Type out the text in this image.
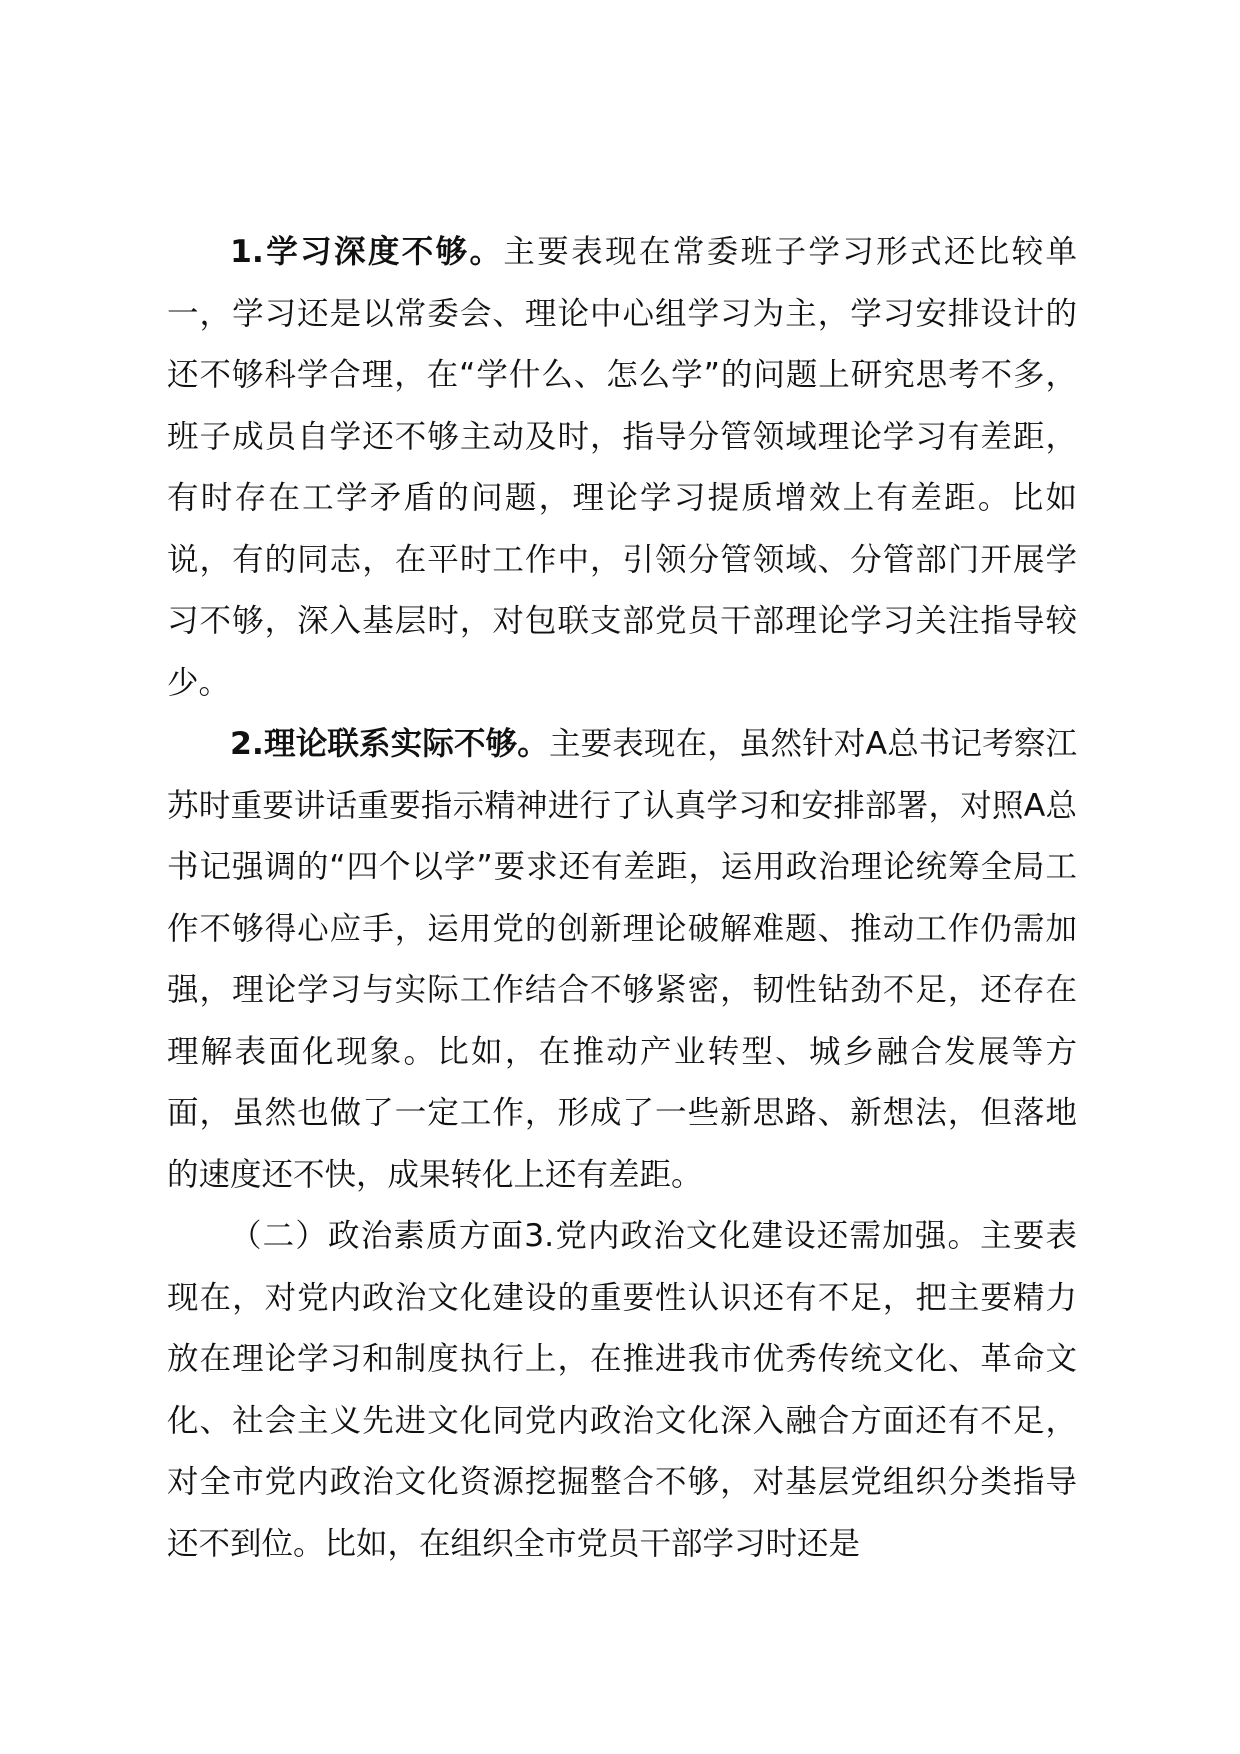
1.学习深度不够。主要表现在常委班子学习形式还比较单一，学习还是以常委会、理论中心组学习为主，学习安排设计的还不够科学合理，在“学什么、怎么学”的问题上研究思考不多，班子成员自学还不够主动及时，指导分管领域理论学习有差距，有时存在工学矛盾的问题，理论学习提质增效上有差距。比如说，有的同志，在平时工作中，引领分管领域、分管部门开展学习不够，深入基层时，对包联支部党员干部理论学习关注指导较少。

2.理论联系实际不够。主要表现在，虽然针对A总书记考察江苏时重要讲话重要指示精神进行了认真学习和安排部署，对照A总书记强调的“四个以学”要求还有差距，运用政治理论统筹全局工作不够得心应手，运用党的创新理论破解难题、推动工作仍需加强，理论学习与实际工作结合不够紧密，韧性钻劲不足，还存在理解表面化现象。比如，在推动产业转型、城乡融合发展等方面，虽然也做了一定工作，形成了一些新思路、新想法，但落地的速度还不快，成果转化上还有差距。

（二）政治素质方面3.党内政治文化建设还需加强。主要表现在，对党内政治文化建设的重要性认识还有不足，把主要精力放在理论学习和制度执行上，在推进我市优秀传统文化、革命文化、社会主义先进文化同党内政治文化深入融合方面还有不足，对全市党内政治文化资源挖掘整合不够，对基层党组织分类指导还不到位。比如，在组织全市党员干部学习时还是
